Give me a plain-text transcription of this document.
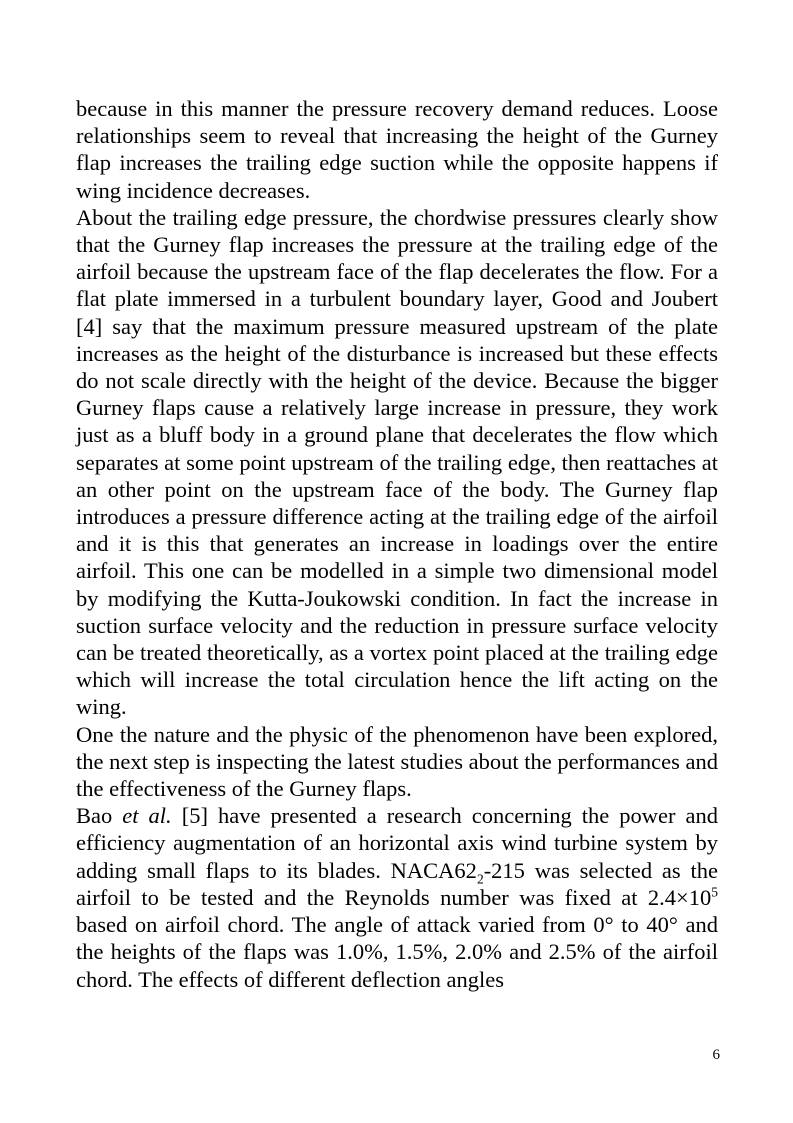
because in this manner the pressure recovery demand reduces. Loose relationships seem to reveal that increasing the height of the Gurney flap increases the trailing edge suction while the opposite happens if wing incidence decreases.

About the trailing edge pressure, the chordwise pressures clearly show that the Gurney flap increases the pressure at the trailing edge of the airfoil because the upstream face of the flap decelerates the flow. For a flat plate immersed in a turbulent boundary layer, Good and Joubert [4] say that the maximum pressure measured upstream of the plate increases as the height of the disturbance is increased but these effects do not scale directly with the height of the device. Because the bigger Gurney flaps cause a relatively large increase in pressure, they work just as a bluff body in a ground plane that decelerates the flow which separates at some point upstream of the trailing edge, then reattaches at an other point on the upstream face of the body. The Gurney flap introduces a pressure difference acting at the trailing edge of the airfoil and it is this that generates an increase in loadings over the entire airfoil. This one can be modelled in a simple two dimensional model by modifying the Kutta-Joukowski condition. In fact the increase in suction surface velocity and the reduction in pressure surface velocity can be treated theoretically, as a vortex point placed at the trailing edge which will increase the total circulation hence the lift acting on the wing.

One the nature and the physic of the phenomenon have been explored, the next step is inspecting the latest studies about the performances and the effectiveness of the Gurney flaps.

Bao et al. [5] have presented a research concerning the power and efficiency augmentation of an horizontal axis wind turbine system by adding small flaps to its blades. $NACA62_2-215$ was selected as the airfoil to be tested and the Reynolds number was fixed at $2.4\times 10^5$ based on airfoil chord. The angle of attack varied from 0° to 40° and the heights of the flaps was 1.0%, 1.5%, 2.0% and 2.5% of the airfoil chord. The effects of different deflection angles

6
